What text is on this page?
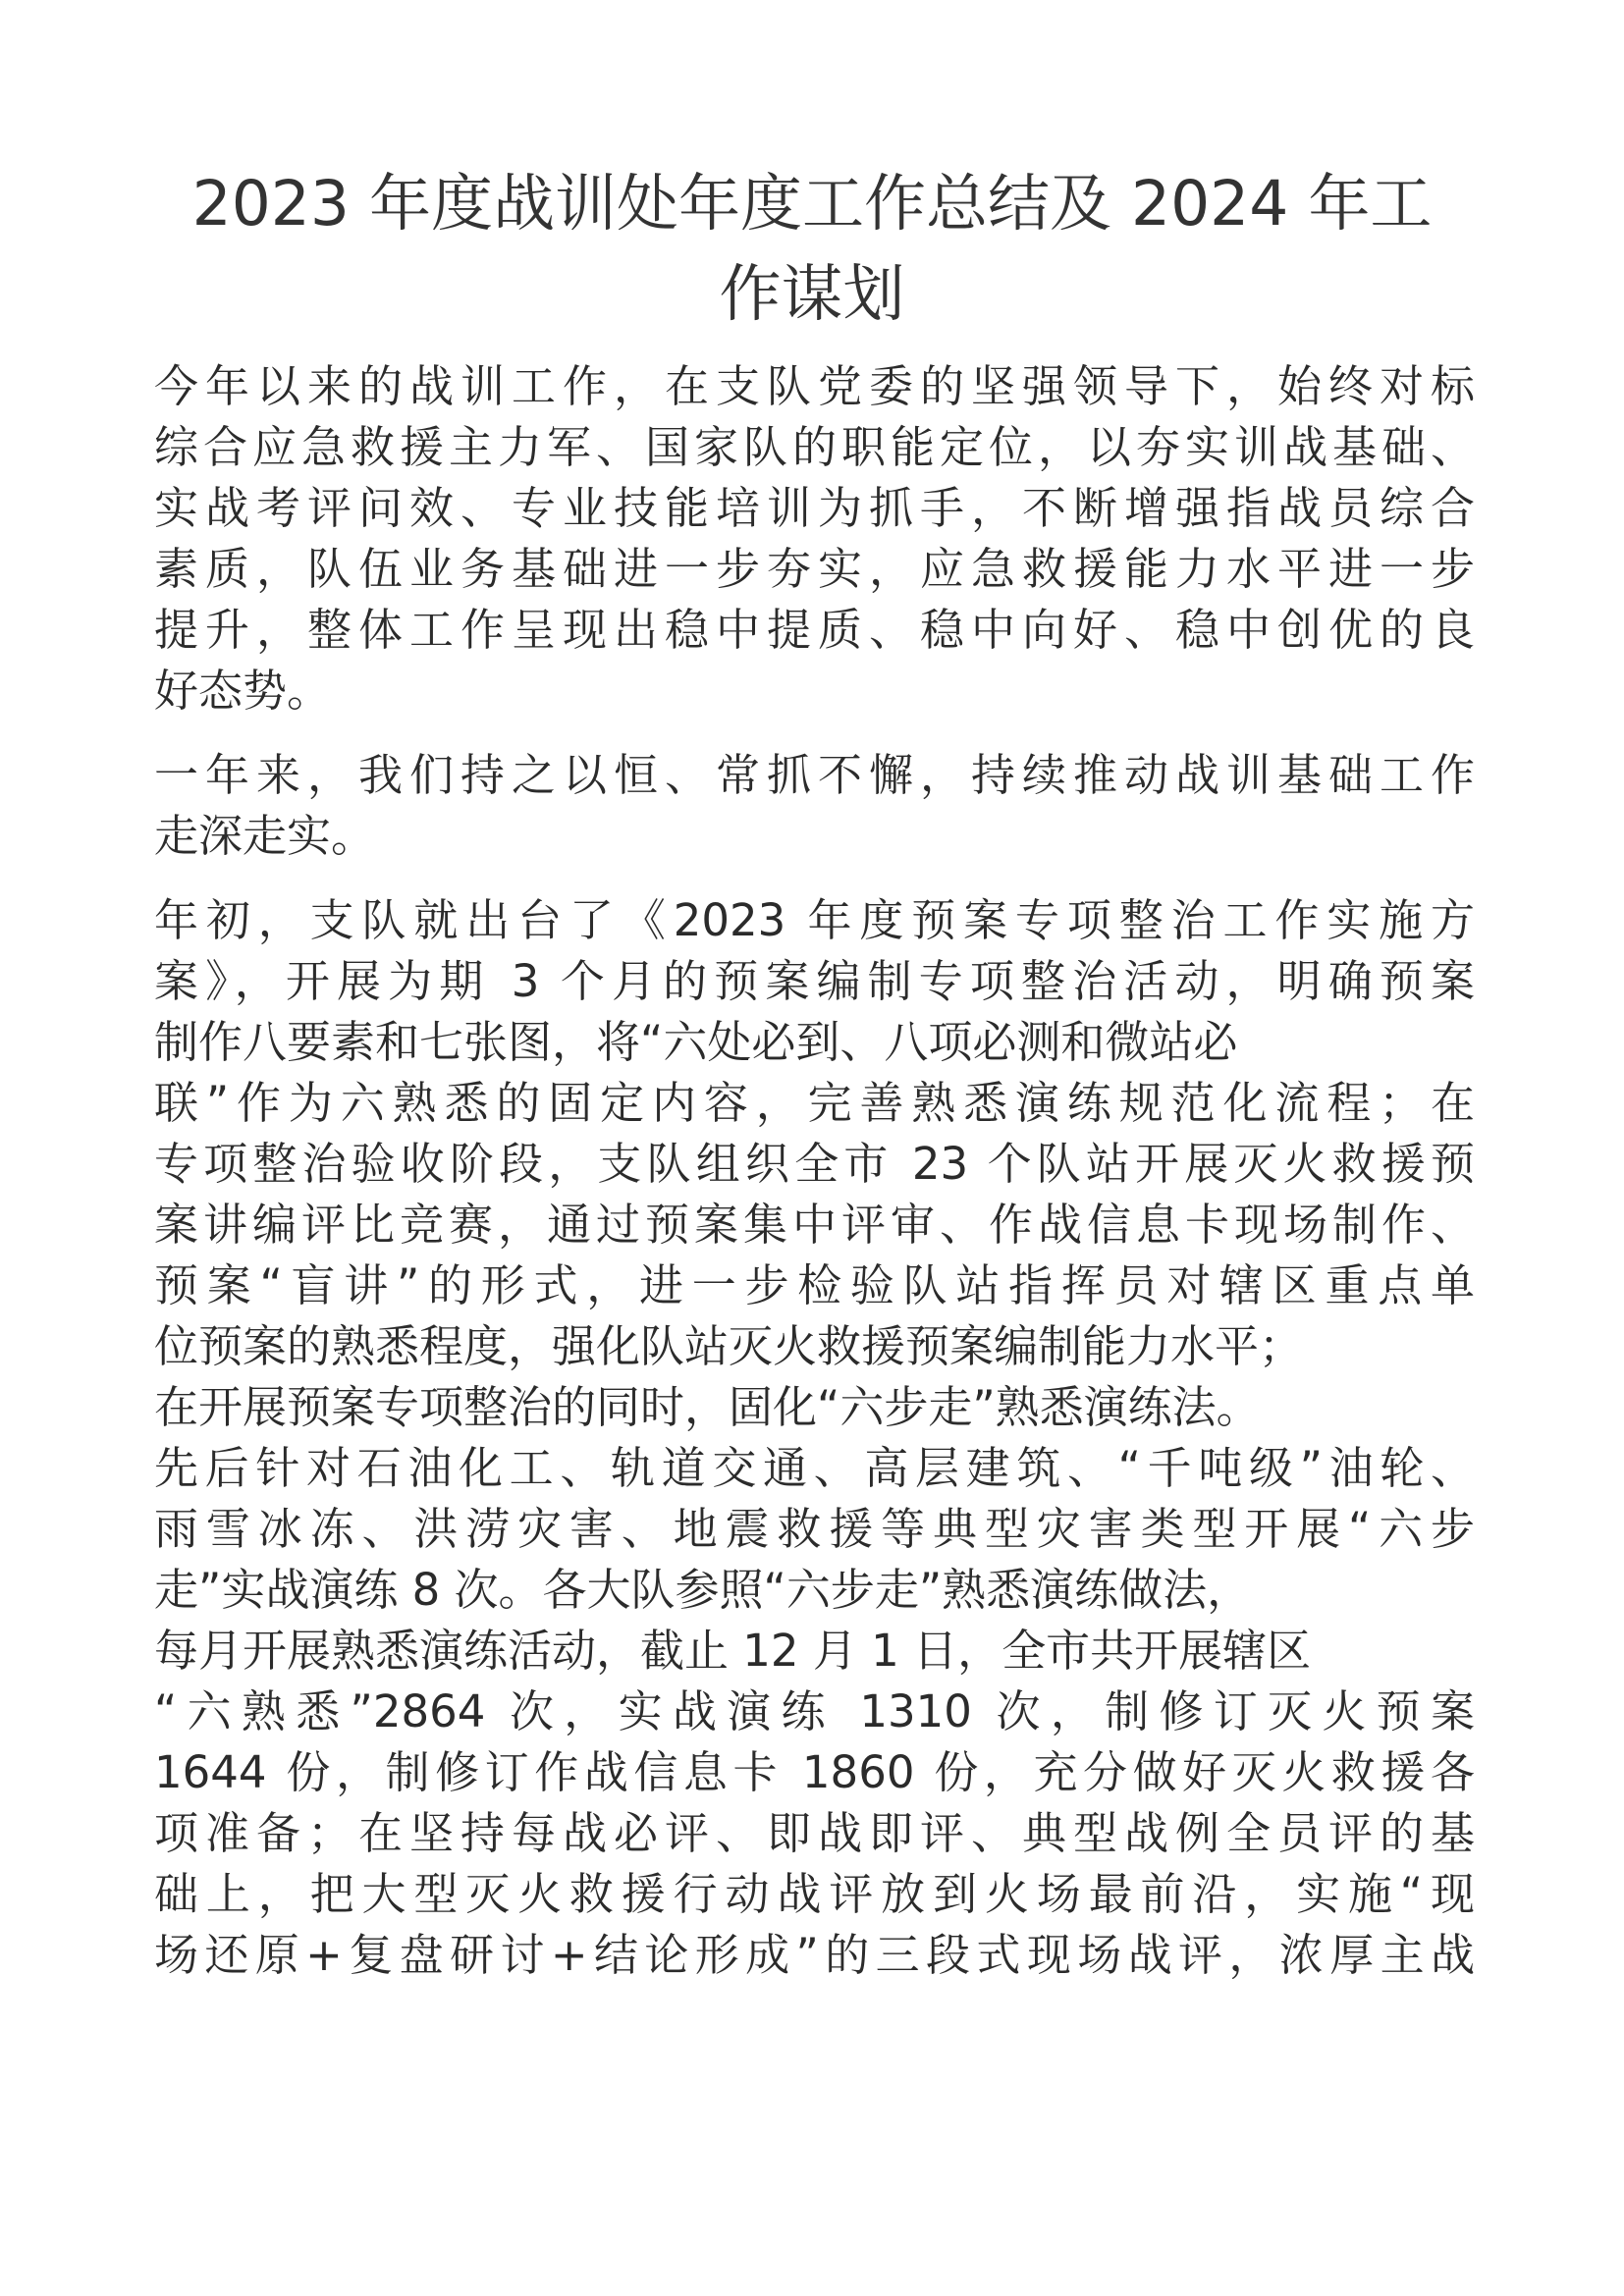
2023 年度战训处年度工作总结及 2024 年工
作谋划
今年以来的战训工作，在支队党委的坚强领导下，始终对标
综合应急救援主力军、国家队的职能定位，以夯实训战基础、
实战考评问效、专业技能培训为抓手，不断增强指战员综合
素质，队伍业务基础进一步夯实，应急救援能力水平进一步
提升，整体工作呈现出稳中提质、稳中向好、稳中创优的良
好态势。
一年来，我们持之以恒、常抓不懈，持续推动战训基础工作
走深走实。
年初，支队就出台了《2023 年度预案专项整治工作实施方
案》，开展为期 3 个月的预案编制专项整治活动，明确预案
制作八要素和七张图，将“六处必到、八项必测和微站必
联”作为六熟悉的固定内容，完善熟悉演练规范化流程；在
专项整治验收阶段，支队组织全市 23 个队站开展灭火救援预
案讲编评比竞赛，通过预案集中评审、作战信息卡现场制作、
预案“盲讲”的形式，进一步检验队站指挥员对辖区重点单
位预案的熟悉程度，强化队站灭火救援预案编制能力水平；
在开展预案专项整治的同时，固化“六步走”熟悉演练法。
先后针对石油化工、轨道交通、高层建筑、“千吨级”油轮、
雨雪冰冻、洪涝灾害、地震救援等典型灾害类型开展“六步
走”实战演练 8 次。各大队参照“六步走”熟悉演练做法，
每月开展熟悉演练活动，截止 12 月 1 日，全市共开展辖区
“六熟悉”2864 次，实战演练 1310 次，制修订灭火预案
1644 份，制修订作战信息卡 1860 份，充分做好灭火救援各
项准备；在坚持每战必评、即战即评、典型战例全员评的基
础上，把大型灭火救援行动战评放到火场最前沿，实施“现
场还原+复盘研讨+结论形成”的三段式现场战评，浓厚主战
